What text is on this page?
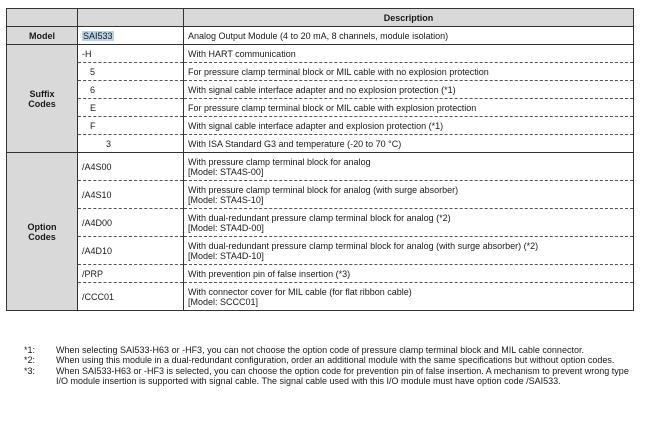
		Description
Model	SAI533	Analog Output Module (4 to 20 mA, 8 channels, module isolation)
Suffix
Codes	-H	With HART communication
	5	For pressure clamp terminal block or MIL cable with no explosion protection
	6	With signal cable interface adapter and no explosion protection (*1)
	E	For pressure clamp terminal block or MIL cable with explosion protection
	F	With signal cable interface adapter and explosion protection (*1)
	3	With ISA Standard G3 and temperature (-20 to 70 °C)
Option
Codes	/A4S00	With pressure clamp terminal block for analog
[Model: STA4S-00]

	/A4S10	With pressure clamp terminal block for analog (with surge absorber)
[Model: STA4S-10]

	/A4D00	With dual-redundant pressure clamp terminal block for analog (*2)
[Model: STA4D-00]

	/A4D10	With dual-redundant pressure clamp terminal block for analog (with surge absorber) (*2)
[Model: STA4D-10]

	/PRP	With prevention pin of false insertion (*3)

	/CCC01	With connector cover for MIL cable (for flat ribbon cable)
[Model: SCCC01]

*1:	When selecting SAI533-H63 or -HF3, you can not choose the option code of pressure clamp terminal block and MIL cable connector.

*2:	When using this module in a dual-redundant configuration, order an additional module with the same specifications but without option codes.

*3:	When SAI533-H63 or -HF3 is selected, you can choose the option code for prevention pin of false insertion. A mechanism to prevent wrong type I/O module insertion is supported with signal cable. The signal cable used with this I/O module must have option code /SAI533.
